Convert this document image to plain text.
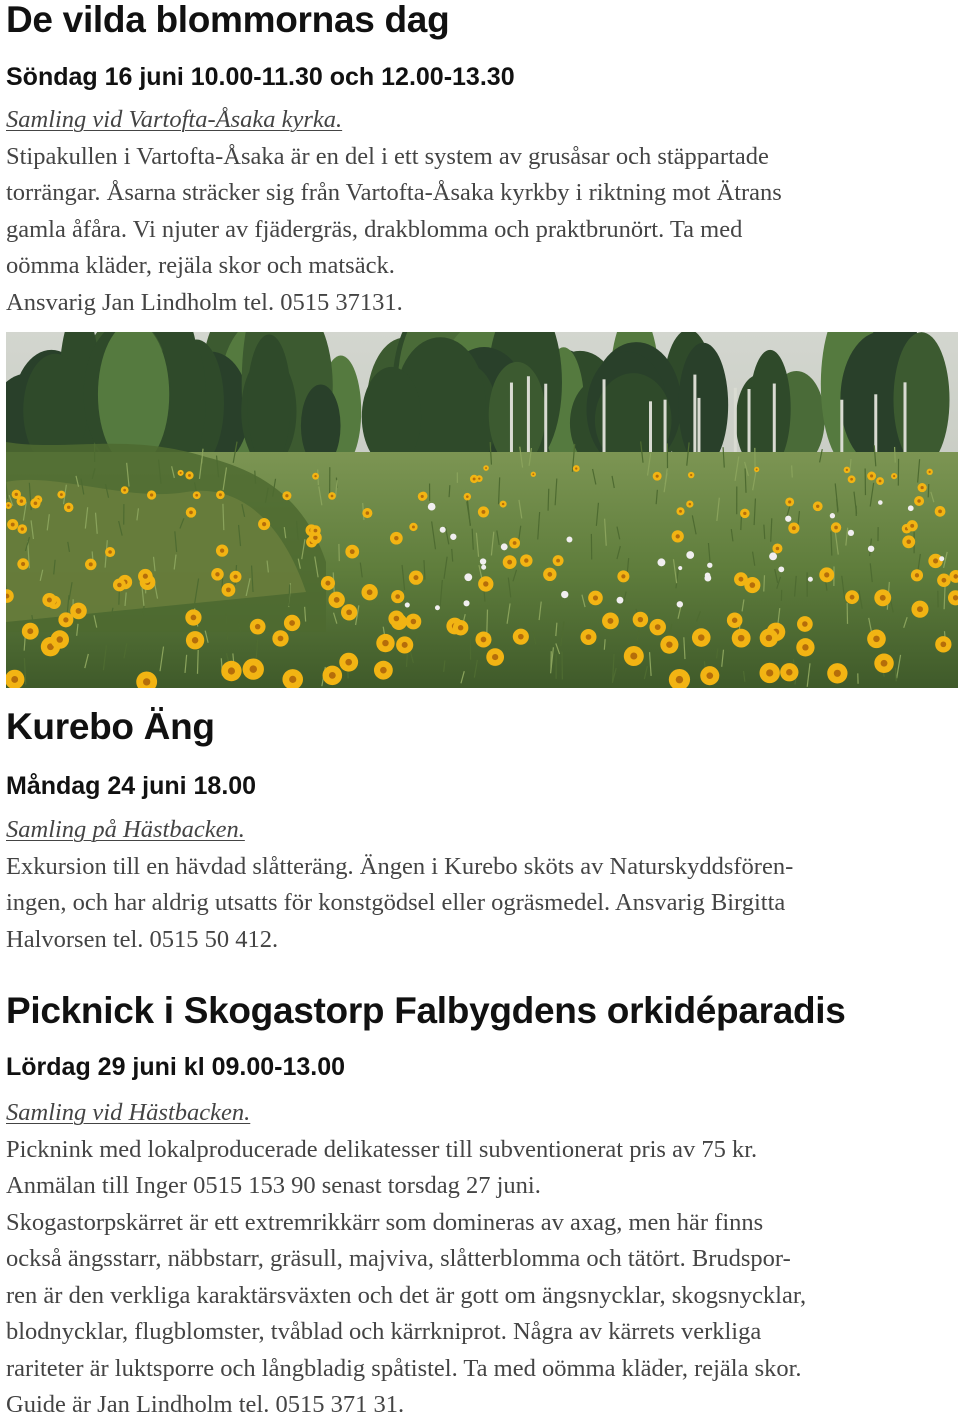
De vilda blommornas dag
Söndag 16 juni 10.00-11.30 och 12.00-13.30
Samling vid Vartofta-Åsaka kyrka.
Stipakullen i Vartofta-Åsaka är en del i ett system av grusåsar och stäppartade
torrängar. Åsarna sträcker sig från Vartofta-Åsaka kyrkby i riktning mot Ätrans
gamla åfåra. Vi njuter av fjädergräs, drakblomma och praktbrunört. Ta med
oömma kläder, rejäla skor och matsäck.
Ansvarig Jan Lindholm tel. 0515 37131.
Kurebo Äng
Måndag 24 juni 18.00
Samling på Hästbacken.
Exkursion till en hävdad slåtteräng. Ängen i Kurebo sköts av Naturskyddsfören-
ingen, och har aldrig utsatts för konstgödsel eller ogräsmedel. Ansvarig Birgitta
Halvorsen tel. 0515 50 412.
Picknick i Skogastorp Falbygdens orkidéparadis
Lördag 29 juni kl 09.00-13.00
Samling vid Hästbacken.
Picknink med lokalproducerade delikatesser till subventionerat pris av 75 kr.
Anmälan till Inger 0515 153 90 senast torsdag 27 juni.
Skogastorpskärret är ett extremrikkärr som domineras av axag, men här finns
också ängsstarr, näbbstarr, gräsull, majviva, slåtterblomma och tätört. Brudspor-
ren är den verkliga karaktärsväxten och det är gott om ängsnycklar, skogsnycklar,
blodnycklar, flugblomster, tvåblad och kärrkniprot. Några av kärrets verkliga
rariteter är luktsporre och långbladig spåtistel. Ta med oömma kläder, rejäla skor.
Guide är Jan Lindholm tel. 0515 371 31.
